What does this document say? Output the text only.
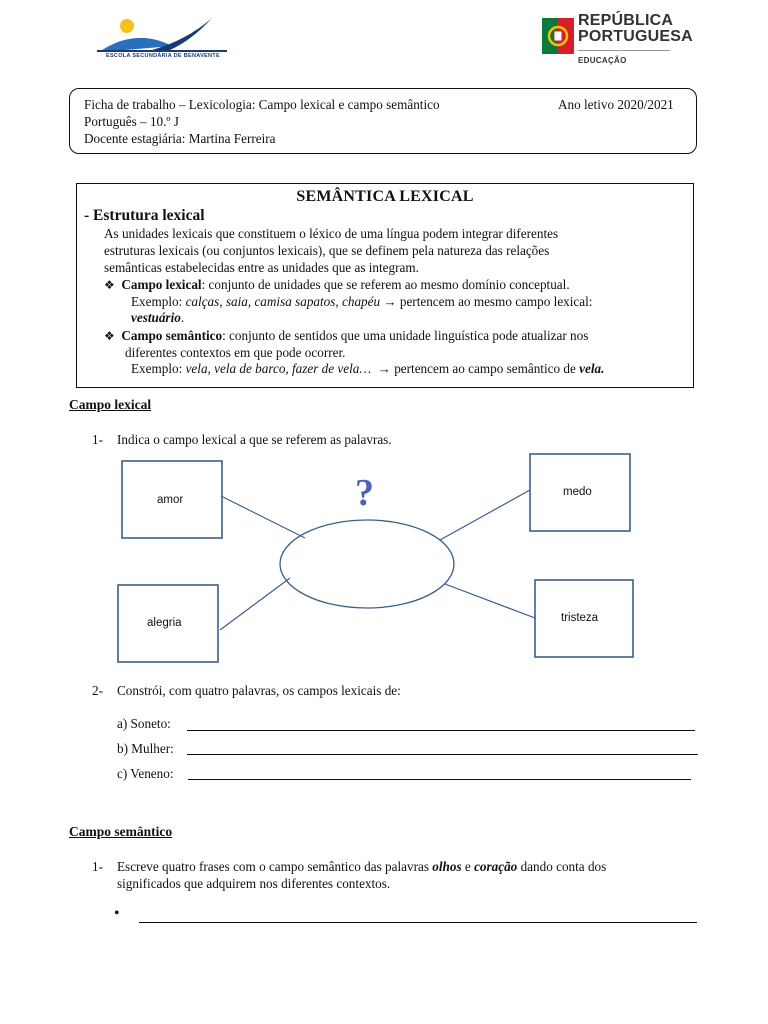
ESCOLA SECUNDÁRIA DE BENAVENTE
REPÚBLICA
PORTUGUESA
EDUCAÇÃO
Ficha de trabalho – Lexicologia: Campo lexical e campo semântico	Ano letivo 2020/2021
Português – 10.º J
Docente estagiária: Martina Ferreira
SEMÂNTICA LEXICAL
- Estrutura lexical
As unidades lexicais que constituem o léxico de uma língua podem integrar diferentes
estruturas lexicais (ou conjuntos lexicais), que se definem pela natureza das relações
semânticas estabelecidas entre as unidades que as integram.
❖ Campo lexical: conjunto de unidades que se referem ao mesmo domínio conceptual.
Exemplo: calças, saia, camisa sapatos, chapéu → pertencem ao mesmo campo lexical:
vestuário.
❖ Campo semântico: conjunto de sentidos que uma unidade linguística pode atualizar nos
diferentes contextos em que pode ocorrer.
Exemplo: vela, vela de barco, fazer de vela… → pertencem ao campo semântico de vela.
Campo lexical
1- Indica o campo lexical a que se referem as palavras.
?
amor
medo
alegria	tristeza
2- Constrói, com quatro palavras, os campos lexicais de:
a) Soneto:
b) Mulher:
c) Veneno:
Campo semântico
1- Escreve quatro frases com o campo semântico das palavras olhos e coração dando conta dos
significados que adquirem nos diferentes contextos.
•
